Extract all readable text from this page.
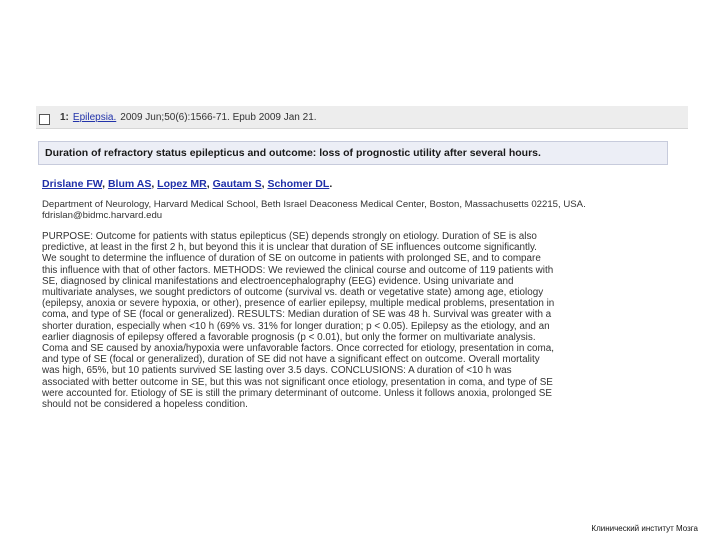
1: Epilepsia. 2009 Jun;50(6):1566-71. Epub 2009 Jan 21.
Duration of refractory status epilepticus and outcome: loss of prognostic utility after several hours.
Drislane FW, Blum AS, Lopez MR, Gautam S, Schomer DL.
Department of Neurology, Harvard Medical School, Beth Israel Deaconess Medical Center, Boston, Massachusetts 02215, USA.
fdrislan@bidmc.harvard.edu

PURPOSE: Outcome for patients with status epilepticus (SE) depends strongly on etiology. Duration of SE is also
predictive, at least in the first 2 h, but beyond this it is unclear that duration of SE influences outcome significantly.
We sought to determine the influence of duration of SE on outcome in patients with prolonged SE, and to compare
this influence with that of other factors. METHODS: We reviewed the clinical course and outcome of 119 patients with
SE, diagnosed by clinical manifestations and electroencephalography (EEG) evidence. Using univariate and
multivariate analyses, we sought predictors of outcome (survival vs. death or vegetative state) among age, etiology
(epilepsy, anoxia or severe hypoxia, or other), presence of earlier epilepsy, multiple medical problems, presentation in
coma, and type of SE (focal or generalized). RESULTS: Median duration of SE was 48 h. Survival was greater with a
shorter duration, especially when <10 h (69% vs. 31% for longer duration; p < 0.05). Epilepsy as the etiology, and an
earlier diagnosis of epilepsy offered a favorable prognosis (p < 0.01), but only the former on multivariate analysis.
Coma and SE caused by anoxia/hypoxia were unfavorable factors. Once corrected for etiology, presentation in coma,
and type of SE (focal or generalized), duration of SE did not have a significant effect on outcome. Overall mortality
was high, 65%, but 10 patients survived SE lasting over 3.5 days. CONCLUSIONS: A duration of <10 h was
associated with better outcome in SE, but this was not significant once etiology, presentation in coma, and type of SE
were accounted for. Etiology of SE is still the primary determinant of outcome. Unless it follows anoxia, prolonged SE
should not be considered a hopeless condition.

Клинический институт Мозга
